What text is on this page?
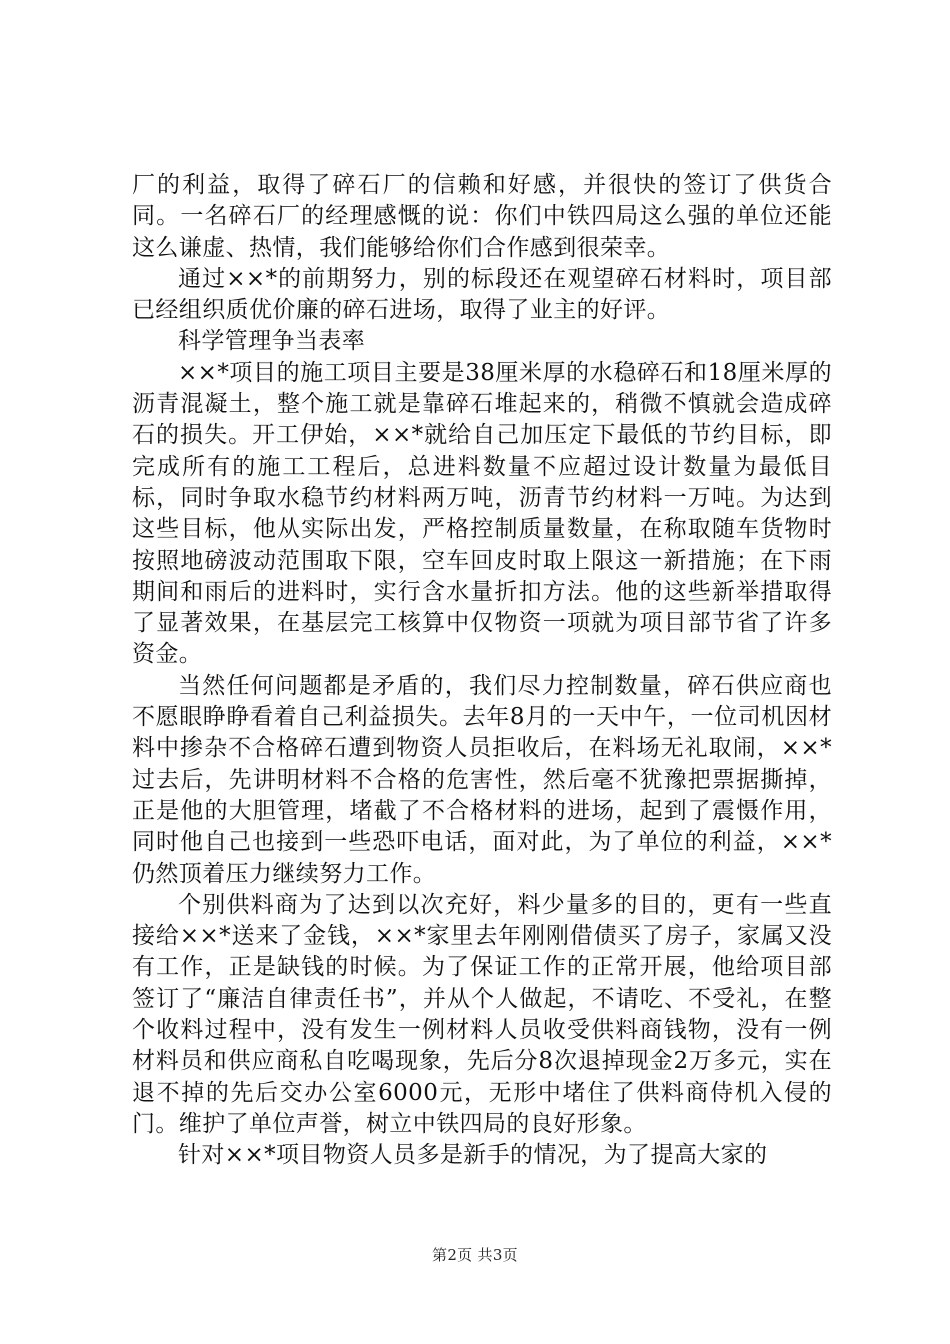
厂的利益，取得了碎石厂的信赖和好感，并很快的签订了供货合同。一名碎石厂的经理感慨的说：你们中铁四局这么强的单位还能这么谦虚、热情，我们能够给你们合作感到很荣幸。

通过××*的前期努力，别的标段还在观望碎石材料时，项目部已经组织质优价廉的碎石进场，取得了业主的好评。

科学管理争当表率

××*项目的施工项目主要是38厘米厚的水稳碎石和18厘米厚的沥青混凝土，整个施工就是靠碎石堆起来的，稍微不慎就会造成碎石的损失。开工伊始，××*就给自己加压定下最低的节约目标，即完成所有的施工工程后，总进料数量不应超过设计数量为最低目标，同时争取水稳节约材料两万吨，沥青节约材料一万吨。为达到这些目标，他从实际出发，严格控制质量数量，在称取随车货物时按照地磅波动范围取下限，空车回皮时取上限这一新措施；在下雨期间和雨后的进料时，实行含水量折扣方法。他的这些新举措取得了显著效果，在基层完工核算中仅物资一项就为项目部节省了许多资金。

当然任何问题都是矛盾的，我们尽力控制数量，碎石供应商也不愿眼睁睁看着自己利益损失。去年8月的一天中午，一位司机因材料中掺杂不合格碎石遭到物资人员拒收后，在料场无礼取闹，××*过去后，先讲明材料不合格的危害性，然后毫不犹豫把票据撕掉，正是他的大胆管理，堵截了不合格材料的进场，起到了震慑作用，同时他自己也接到一些恐吓电话，面对此，为了单位的利益，××*仍然顶着压力继续努力工作。

个别供料商为了达到以次充好，料少量多的目的，更有一些直接给××*送来了金钱，××*家里去年刚刚借债买了房子，家属又没有工作，正是缺钱的时候。为了保证工作的正常开展，他给项目部签订了“廉洁自律责任书”，并从个人做起，不请吃、不受礼，在整个收料过程中，没有发生一例材料人员收受供料商钱物，没有一例材料员和供应商私自吃喝现象，先后分8次退掉现金2万多元，实在退不掉的先后交办公室6000元，无形中堵住了供料商侍机入侵的门。维护了单位声誉，树立中铁四局的良好形象。

针对××*项目物资人员多是新手的情况，为了提高大家的

第2页 共3页
